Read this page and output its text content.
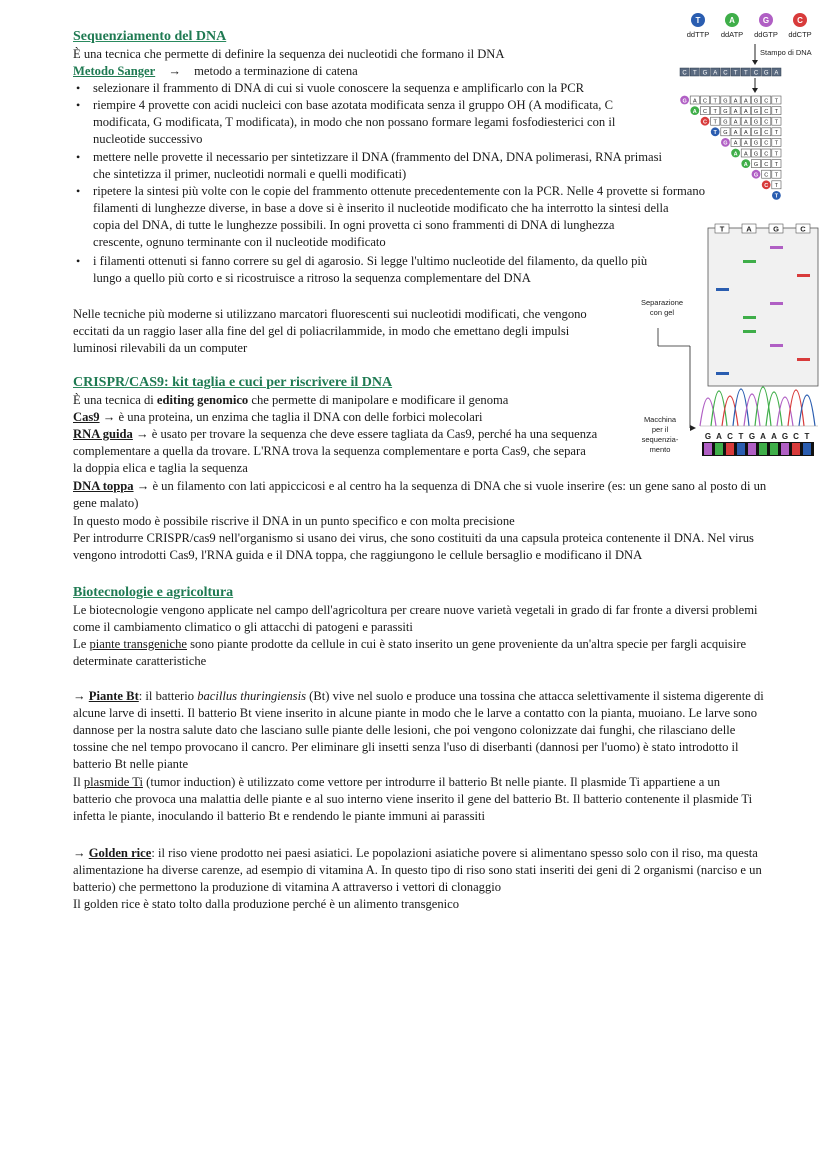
Sequenziamento del DNA
È una tecnica che permette di definire la sequenza dei nucleotidi che formano il DNA
Metodo Sanger → metodo a terminazione di catena
• selezionare il frammento di DNA di cui si vuole conoscere la sequenza e amplificarlo con la PCR
• riempire 4 provette con acidi nucleici con base azotata modificata senza il gruppo OH (A modificata, C
modificata, G modificata, T modificata), in modo che non possano formare legami fosfodiesterici con il
nucleotide successivo
• mettere nelle provette il necessario per sintetizzare il DNA (frammento del DNA, DNA polimerasi, RNA primasi
che sintetizza il primer, nucleotidi normali e quelli modificati)
• ripetere la sintesi più volte con le copie del frammento ottenute precedentemente con la PCR. Nelle 4 provette si formano
filamenti di lunghezze diverse, in base a dove si è inserito il nucleotide modificato che ha interrotto la sintesi della
copia del DNA, di tutte le lunghezze possibili. In ogni provetta ci sono frammenti di DNA di lunghezza
crescente, ognuno terminante con il nucleotide modificato
• i filamenti ottenuti si fanno correre su gel di agarosio. Si legge l'ultimo nucleotide del filamento, da quello più
lungo a quello più corto e si ricostruisce a ritroso la sequenza complementare del DNA
Nelle tecniche più moderne si utilizzano marcatori fluorescenti sui nucleotidi modificati, che vengono
eccitati da un raggio laser alla fine del gel di poliacrilammide, in modo che emettano degli impulsi
luminosi rilevabili da un computer
CRISPR/CAS9: kit taglia e cuci per riscrivere il DNA
È una tecnica di editing genomico che permette di manipolare e modificare il genoma
Cas9 → è una proteina, un enzima che taglia il DNA con delle forbici molecolari
RNA guida → è usato per trovare la sequenza che deve essere tagliata da Cas9, perché ha una sequenza
complementare a quella da trovare. L'RNA trova la sequenza complementare e porta Cas9, che separa
la doppia elica e taglia la sequenza
DNA toppa → è un filamento con lati appiccicosi e al centro ha la sequenza di DNA che si vuole inserire (es: un gene sano al posto di un
gene malato)
In questo modo è possibile riscrive il DNA in un punto specifico e con molta precisione
Per introdurre CRISPR/cas9 nell'organismo si usano dei virus, che sono costituiti da una capsula proteica contenente il DNA. Nel virus
vengono introdotti Cas9, l'RNA guida e il DNA toppa, che raggiungono le cellule bersaglio e modificano il DNA
Biotecnologie e agricoltura
Le biotecnologie vengono applicate nel campo dell'agricoltura per creare nuove varietà vegetali in grado di far fronte a diversi problemi
come il cambiamento climatico o gli attacchi di patogeni e parassiti
Le piante transgeniche sono piante prodotte da cellule in cui è stato inserito un gene proveniente da un'altra specie per fargli acquisire
determinate caratteristiche
→ Piante Bt: il batterio bacillus thuringiensis (Bt) vive nel suolo e produce una tossina che attacca selettivamente il sistema digerente di
alcune larve di insetti. Il batterio Bt viene inserito in alcune piante in modo che le larve a contatto con la pianta, muoiano. Le larve sono
dannose per la nostra salute dato che lasciano sulle piante delle lesioni, che poi vengono colonizzate dai funghi, che rilasciano delle
tossine che nel tempo provocano il cancro. Per eliminare gli insetti senza l'uso di diserbanti (dannosi per l'uomo) è stato introdotto il
batterio Bt nelle piante
Il plasmide Ti (tumor induction) è utilizzato come vettore per introdurre il batterio Bt nelle piante. Il plasmide Ti appartiene a un
batterio che provoca una malattia delle piante e al suo interno viene inserito il gene del batterio Bt. Il batterio contenente il plasmide Ti
infetta le piante, inoculando il batterio Bt e rendendo le piante immuni ai parassiti
→ Golden rice: il riso viene prodotto nei paesi asiatici. Le popolazioni asiatiche povere si alimentano spesso solo con il riso, ma questa
alimentazione ha diverse carenze, ad esempio di vitamina A. In questo tipo di riso sono stati inseriti dei geni di 2 organismi (narciso e un
batterio) che permettono la produzione di vitamina A attraverso i vettori di clonaggio
Il golden rice è stato tolto dalla produzione perché è un alimento transgenico
T
ddTTP
A
ddATP
G
ddGTP
C
ddCTP
Stampo di DNA
C T G A C T T C G A
G A C T G A A G C T
A C T G A A G C T
C T G A A G C T
T G A A G C T
G A A G C T
A A G C T
A G C T
G C T
C T
T
T	A	G	C
Separazione
con gel
Macchina
per il
sequenzia-
mento
G A C T G A A G C T
